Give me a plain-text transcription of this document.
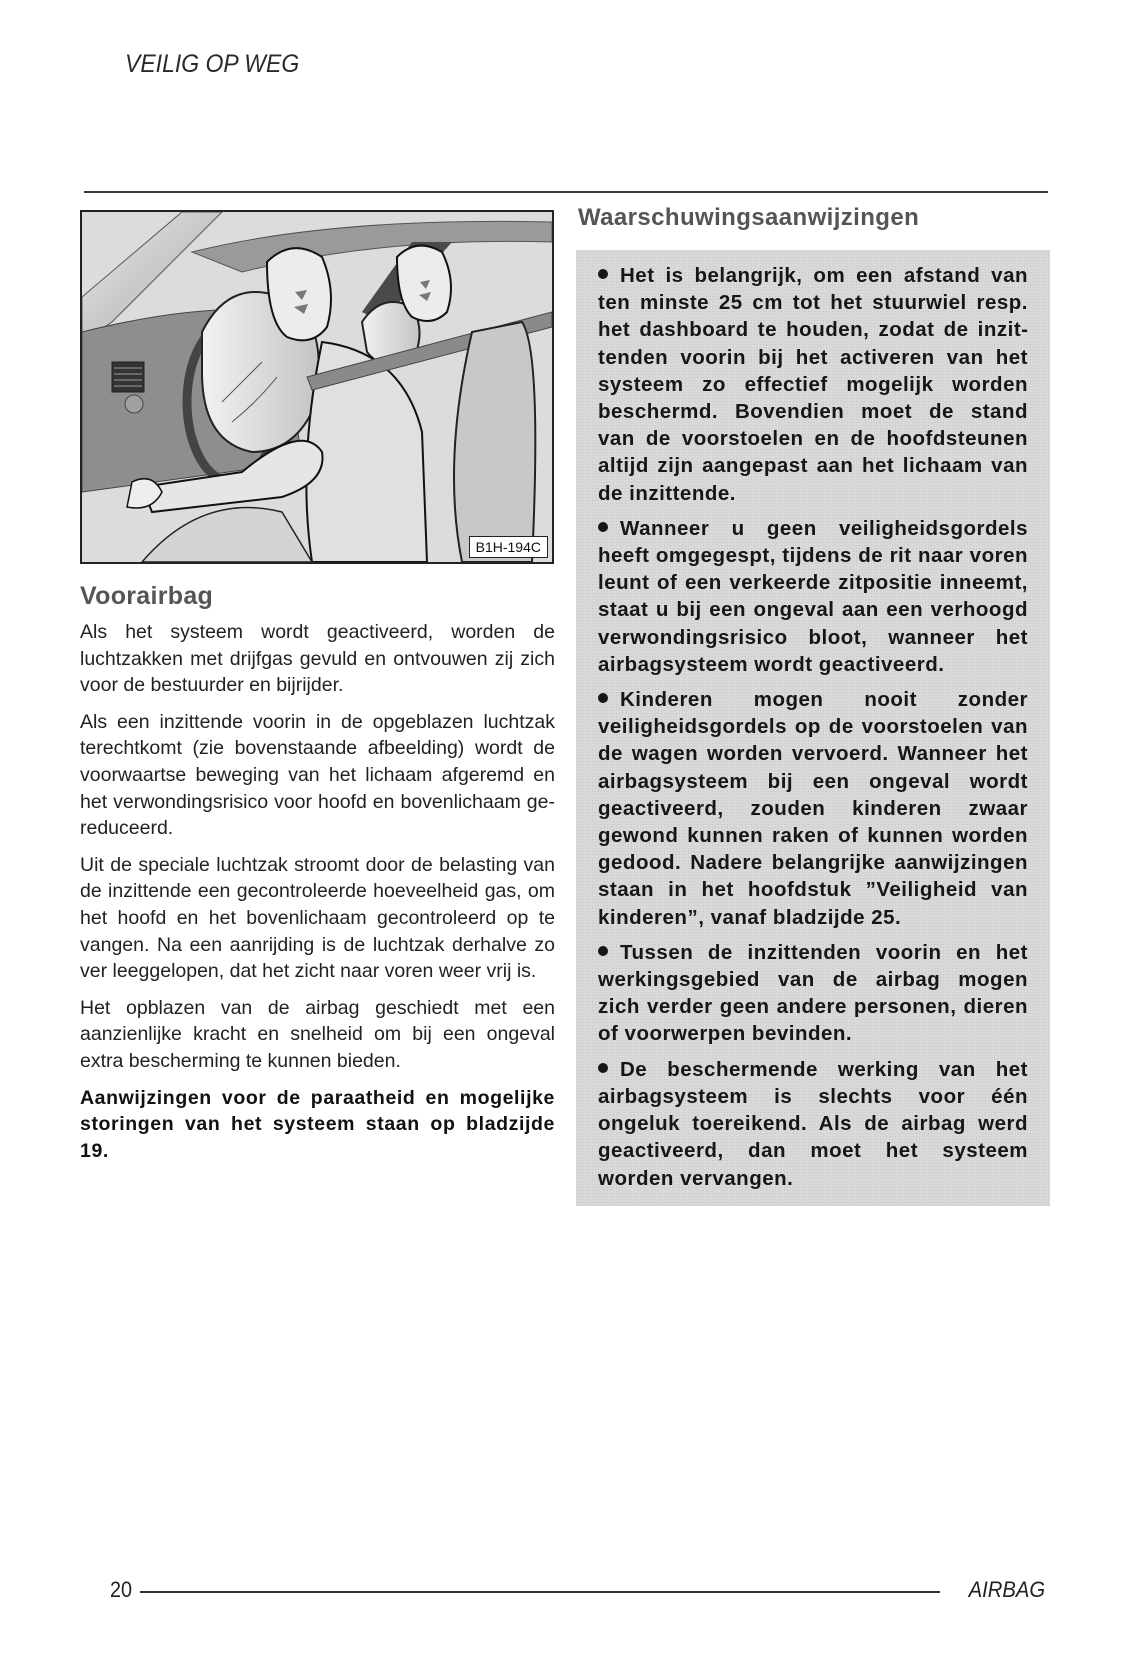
VEILIG OP WEG
B1H-194C
Voorairbag

Als het systeem wordt geactiveerd, worden de luchtzakken met drijfgas gevuld en ontvouwen zij zich voor de bestuurder en bijrijder.

Als een inzittende voorin in de opgeblazen luchtzak terechtkomt (zie bovenstaande afbeelding) wordt de voorwaartse beweging van het lichaam afgeremd en het verwondingsrisico voor hoofd en bovenlichaam gereduceerd.

Uit de speciale luchtzak stroomt door de belasting van de inzittende een gecontroleerde hoeveelheid gas, om het hoofd en het bovenlichaam gecontroleerd op te vangen. Na een aanrijding is de luchtzak derhalve zo ver leeggelopen, dat het zicht naar voren weer vrij is.

Het opblazen van de airbag geschiedt met een aanzienlijke kracht en snelheid om bij een ongeval extra bescherming te kunnen bieden.

Aanwijzingen voor de paraatheid en mogelijke storingen van het systeem staan op bladzijde 19.

Waarschuwingsaanwijzingen

Het is belangrijk, om een afstand van ten minste 25 cm tot het stuurwiel resp. het dashboard te houden, zodat de inzittenden voorin bij het activeren van het systeem zo effectief mogelijk worden beschermd. Bovendien moet de stand van de voorstoelen en de hoofdsteunen altijd zijn aangepast aan het lichaam van de inzittende.

Wanneer u geen veiligheidsgordels heeft omgegespt, tijdens de rit naar voren leunt of een verkeerde zitpositie inneemt, staat u bij een ongeval aan een verhoogd verwondingsrisico bloot, wanneer het airbagsysteem wordt geactiveerd.

Kinderen mogen nooit zonder veiligheidsgordels op de voorstoelen van de wagen worden vervoerd. Wanneer het airbagsysteem bij een ongeval wordt geactiveerd, zouden kinderen zwaar gewond kunnen raken of kunnen worden gedood. Nadere belangrijke aanwijzingen staan in het hoofdstuk ”Veiligheid van kinderen”, vanaf bladzijde 25.

Tussen de inzittenden voorin en het werkingsgebied van de airbag mogen zich verder geen andere personen, dieren of voorwerpen bevinden.

De beschermende werking van het airbagsysteem is slechts voor één ongeluk toereikend. Als de airbag werd geactiveerd, dan moet het systeem worden vervangen.

20	AIRBAG
